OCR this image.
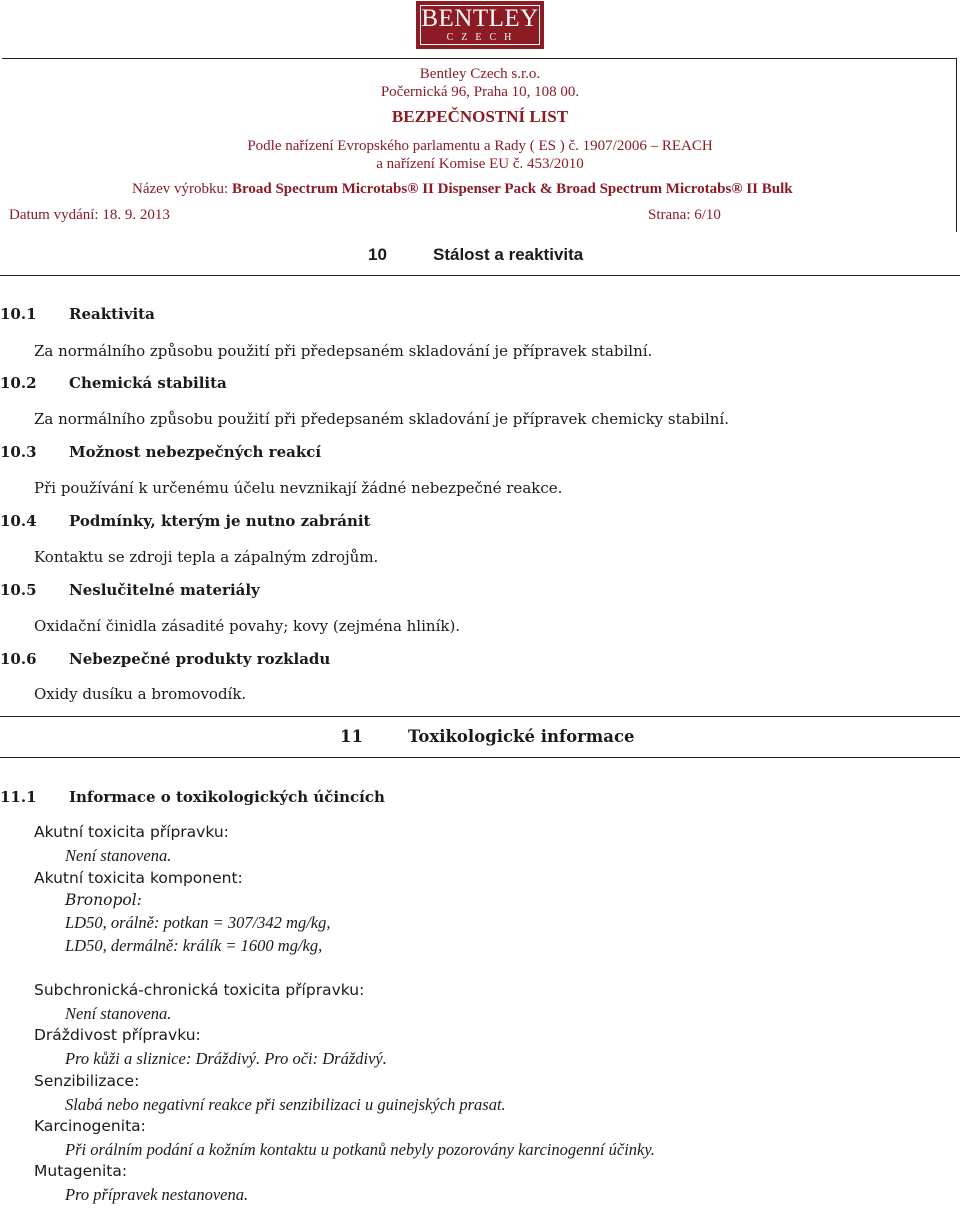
BENTLEY
CZECH
Bentley Czech s.r.o.
Počernická 96, Praha 10, 108 00.
BEZPEČNOSTNÍ LIST
Podle nařízení Evropského parlamentu a Rady ( ES ) č. 1907/2006 – REACH
a nařízení Komise EU č. 453/2010
Název výrobku: Broad Spectrum Microtabs® II Dispenser Pack & Broad Spectrum Microtabs® II Bulk
Datum vydání: 18. 9. 2013	Strana: 6/10
10	Stálost a reaktivita
10.1 Reaktivita
Za normálního způsobu použití při předepsaném skladování je přípravek stabilní.
10.2 Chemická stabilita
Za normálního způsobu použití při předepsaném skladování je přípravek chemicky stabilní.
10.3 Možnost nebezpečných reakcí
Při používání k určenému účelu nevznikají žádné nebezpečné reakce.
10.4 Podmínky, kterým je nutno zabránit
Kontaktu se zdroji tepla a zápalným zdrojům.
10.5 Neslučitelné materiály
Oxidační činidla zásadité povahy; kovy (zejména hliník).
10.6 Nebezpečné produkty rozkladu
Oxidy dusíku a bromovodík.
11	Toxikologické informace
11.1 Informace o toxikologických účincích
Akutní toxicita přípravku:
Není stanovena.
Akutní toxicita komponent:
Bronopol:
LD50, orálně: potkan = 307/342 mg/kg,
LD50, dermálně: králík = 1600 mg/kg,
Subchronická-chronická toxicita přípravku:
Není stanovena.
Dráždivost přípravku:
Pro kůži a sliznice: Dráždivý. Pro oči: Dráždivý.
Senzibilizace:
Slabá nebo negativní reakce při senzibilizaci u guinejských prasat.
Karcinogenita:
Při orálním podání a kožním kontaktu u potkanů nebyly pozorovány karcinogenní účinky.
Mutagenita:
Pro přípravek nestanovena.
